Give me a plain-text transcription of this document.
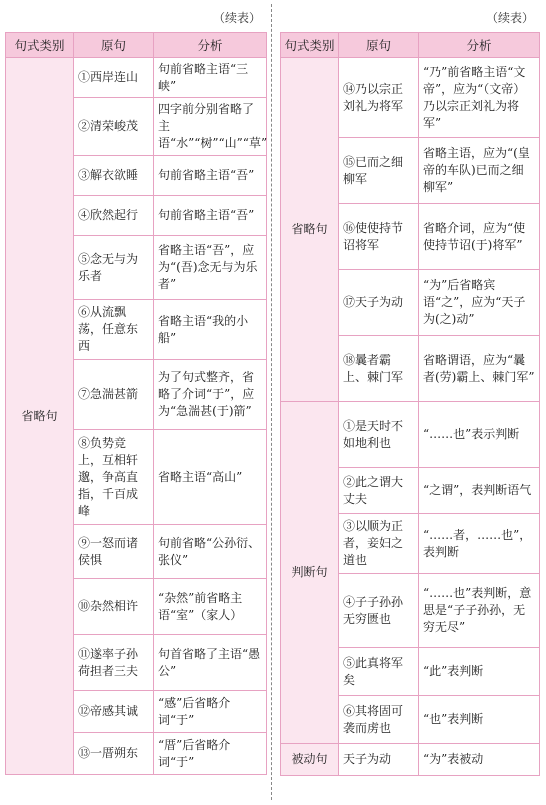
（续表）	（续表）
句式类别	原句	分析
省略句	①西岸连山	句前省略主语“三峡”
	②清荣峻茂	四字前分别省略了主语“水”“树”“山”“草”
	③解衣欲睡	句前省略主语“吾”
	④欣然起行	句前省略主语“吾”
	⑤念无与为乐者	省略主语“吾”，应为“(吾)念无与为乐者”
	⑥从流飘荡，任意东西	省略主语“我的小船”
	⑦急湍甚箭	为了句式整齐，省略了介词“于”，应为“急湍甚(于)箭”
	⑧负势竞上，互相轩邈，争高直指，千百成峰	省略主语“高山”
	⑨一怒而诸侯惧	句前省略“公孙衍、张仪”
	⑩杂然相许	“杂然”前省略主语“室”（家人）
	⑪遂率子孙荷担者三夫	句首省略了主语“愚公”
	⑫帝感其诚	“感”后省略介词“于”
	⑬一厝朔东	“厝”后省略介词“于”
句式类别	原句	分析
省略句	⑭乃以宗正刘礼为将军	“乃”前省略主语“文帝”，应为“（文帝）乃以宗正刘礼为将军”
	⑮已而之细柳军	省略主语，应为“(皇帝的车队)已而之细柳军”
	⑯使使持节诏将军	省略介词，应为“使使持节诏(于)将军”
	⑰天子为动	“为”后省略宾语“之”，应为“天子为(之)动”
	⑱曩者霸上、棘门军	省略谓语，应为“曩者(劳)霸上、棘门军”
判断句	①是天时不如地利也	“……也”表示判断
	②此之谓大丈夫	“之谓”，表判断语气
	③以顺为正者，妾妇之道也	“……者，……也”，表判断
	④子子孙孙无穷匮也	“……也”表判断，意思是“子子孙孙，无穷无尽”
	⑤此真将军矣	“此”表判断
	⑥其将固可袭而虏也	“也”表判断
被动句	天子为动	“为”表被动
